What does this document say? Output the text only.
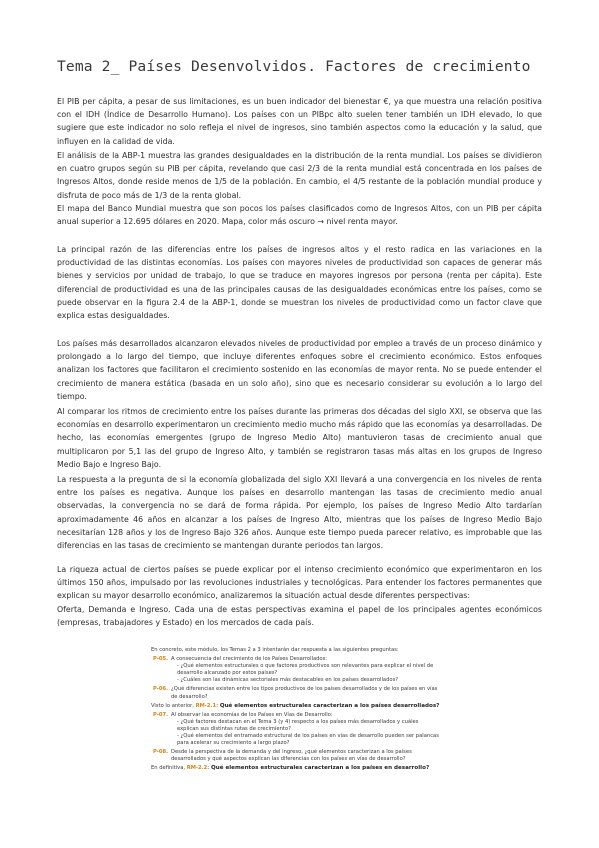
Tema 2_ Países Desenvolvidos. Factores de crecimiento
El PIB per cápita, a pesar de sus limitaciones, es un buen indicador del bienestar €, ya que muestra una relación positiva con el IDH (Índice de Desarrollo Humano). Los países con un PIBpc alto suelen tener también un IDH elevado, lo que sugiere que este indicador no solo refleja el nivel de ingresos, sino también aspectos como la educación y la salud, que influyen en la calidad de vida.
El análisis de la ABP-1 muestra las grandes desigualdades en la distribución de la renta mundial. Los países se dividieron en cuatro grupos según su PIB per cápita, revelando que casi 2/3 de la renta mundial está concentrada en los países de Ingresos Altos, donde reside menos de 1/5 de la población. En cambio, el 4/5 restante de la población mundial produce y disfruta de poco más de 1/3 de la renta global.
El mapa del Banco Mundial muestra que son pocos los países clasificados como de Ingresos Altos, con un PIB per cápita anual superior a 12.695 dólares en 2020. Mapa, color más oscuro → nivel renta mayor.
La principal razón de las diferencias entre los países de ingresos altos y el resto radica en las variaciones en la productividad de las distintas economías. Los países con mayores niveles de productividad son capaces de generar más bienes y servicios por unidad de trabajo, lo que se traduce en mayores ingresos por persona (renta per cápita). Este diferencial de productividad es una de las principales causas de las desigualdades económicas entre los países, como se puede observar en la figura 2.4 de la ABP-1, donde se muestran los niveles de productividad como un factor clave que explica estas desigualdades.
Los países más desarrollados alcanzaron elevados niveles de productividad por empleo a través de un proceso dinámico y prolongado a lo largo del tiempo, que incluye diferentes enfoques sobre el crecimiento económico. Estos enfoques analizan los factores que facilitaron el crecimiento sostenido en las economías de mayor renta. No se puede entender el crecimiento de manera estática (basada en un solo año), sino que es necesario considerar su evolución a lo largo del tiempo.
Al comparar los ritmos de crecimiento entre los países durante las primeras dos décadas del siglo XXI, se observa que las economías en desarrollo experimentaron un crecimiento medio mucho más rápido que las economías ya desarrolladas. De hecho, las economías emergentes (grupo de Ingreso Medio Alto) mantuvieron tasas de crecimiento anual que multiplicaron por 5,1 las del grupo de Ingreso Alto, y también se registraron tasas más altas en los grupos de Ingreso Medio Bajo e Ingreso Bajo.
La respuesta a la pregunta de si la economía globalizada del siglo XXI llevará a una convergencia en los niveles de renta entre los países es negativa. Aunque los países en desarrollo mantengan las tasas de crecimiento medio anual observadas, la convergencia no se dará de forma rápida. Por ejemplo, los países de Ingreso Medio Alto tardarían aproximadamente 46 años en alcanzar a los países de Ingreso Alto, mientras que los países de Ingreso Medio Bajo necesitarían 128 años y los de Ingreso Bajo 326 años. Aunque este tiempo pueda parecer relativo, es improbable que las diferencias en las tasas de crecimiento se mantengan durante periodos tan largos.
La riqueza actual de ciertos países se puede explicar por el intenso crecimiento económico que experimentaron en los últimos 150 años, impulsado por las revoluciones industriales y tecnológicas. Para entender los factores permanentes que explican su mayor desarrollo económico, analizaremos la situación actual desde diferentes perspectivas:
Oferta, Demanda e Ingreso. Cada una de estas perspectivas examina el papel de los principales agentes económicos (empresas, trabajadores y Estado) en los mercados de cada país.
En concreto, este módulo, los Temas 2 a 3 intentarán dar respuesta a las siguientes preguntas:
P-05. A consecuencia del crecimiento de los Países Desarrollados:
- ¿Qué elementos estructurales o que factores productivos son relevantes para explicar el nivel de desarrollo alcanzado por estos países?
- ¿Cuáles son las dinámicas sectoriales más destacables en los países desarrollados?
P-06. ¿Qué diferencias existen entre los tipos productivos de los países desarrollados y de los países en vías de desarrollo?
Visto lo anterior, RM-2.1: Qué elementos estructurales caracterizan a los países desarrollados?
P-07. Al observar las economías de los Países en Vías de Desarrollo:
- ¿Qué factores destacan en el Tema 3 (y 4) respecto a los países más desarrollados y cuáles explican sus distintas rutas de crecimiento?
- ¿Qué elementos del entramado estructural de los países en vías de desarrollo pueden ser palancas para acelerar su crecimiento a largo plazo?
P-08. Desde la perspectiva de la demanda y del ingreso, ¿qué elementos caracterizan a los países desarrollados y qué aspectos explican las diferencias con los países en vías de desarrollo?
En definitiva, RM-2.2: Qué elementos estructurales caracterizan a los países en desarrollo?
